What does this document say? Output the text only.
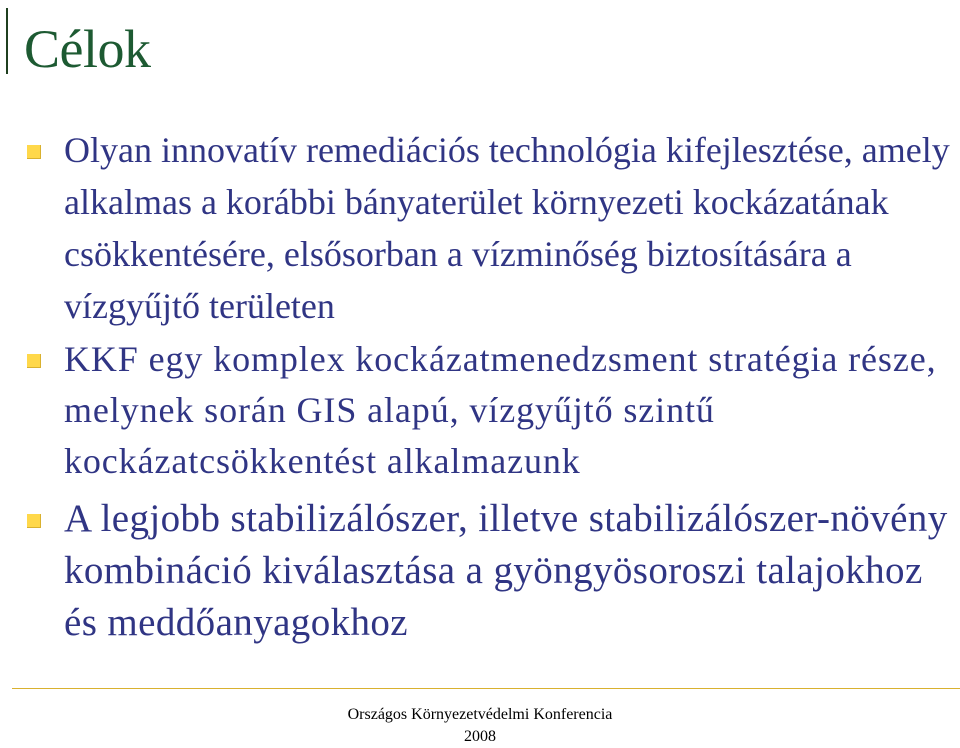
Célok
Olyan innovatív remediációs technológia kifejlesztése, amely alkalmas a korábbi bányaterület környezeti kockázatának csökkentésére, elsősorban a vízminőség biztosítására a vízgyűjtő területen
KKF egy komplex kockázatmenedzsment stratégia része, melynek során GIS alapú, vízgyűjtő szintű kockázatcsökkentést alkalmazunk
A legjobb stabilizálószer, illetve stabilizálószer-növény kombináció kiválasztása a gyöngyösoroszi talajokhoz és meddőanyagokhoz
Országos Környezetvédelmi Konferencia
2008
